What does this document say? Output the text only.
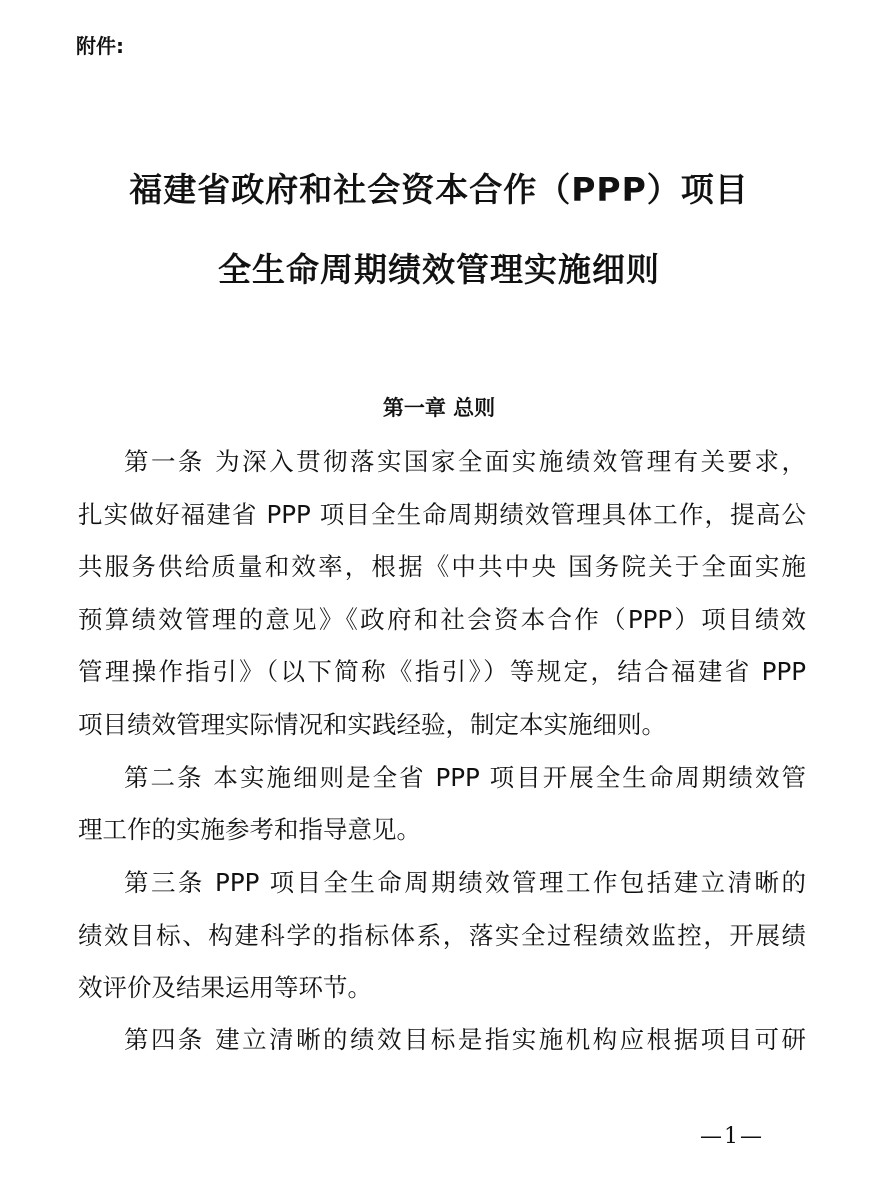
附件:
福建省政府和社会资本合作（PPP）项目
全生命周期绩效管理实施细则
第一章 总则
第一条 为深入贯彻落实国家全面实施绩效管理有关要求，
扎实做好福建省 PPP 项目全生命周期绩效管理具体工作，提高公
共服务供给质量和效率，根据《中共中央 国务院关于全面实施
预算绩效管理的意见》《政府和社会资本合作（PPP）项目绩效
管理操作指引》（以下简称《指引》）等规定，结合福建省 PPP
项目绩效管理实际情况和实践经验，制定本实施细则。
第二条 本实施细则是全省 PPP 项目开展全生命周期绩效管
理工作的实施参考和指导意见。
第三条 PPP 项目全生命周期绩效管理工作包括建立清晰的
绩效目标、构建科学的指标体系，落实全过程绩效监控，开展绩
效评价及结果运用等环节。
第四条 建立清晰的绩效目标是指实施机构应根据项目可研
—1—
